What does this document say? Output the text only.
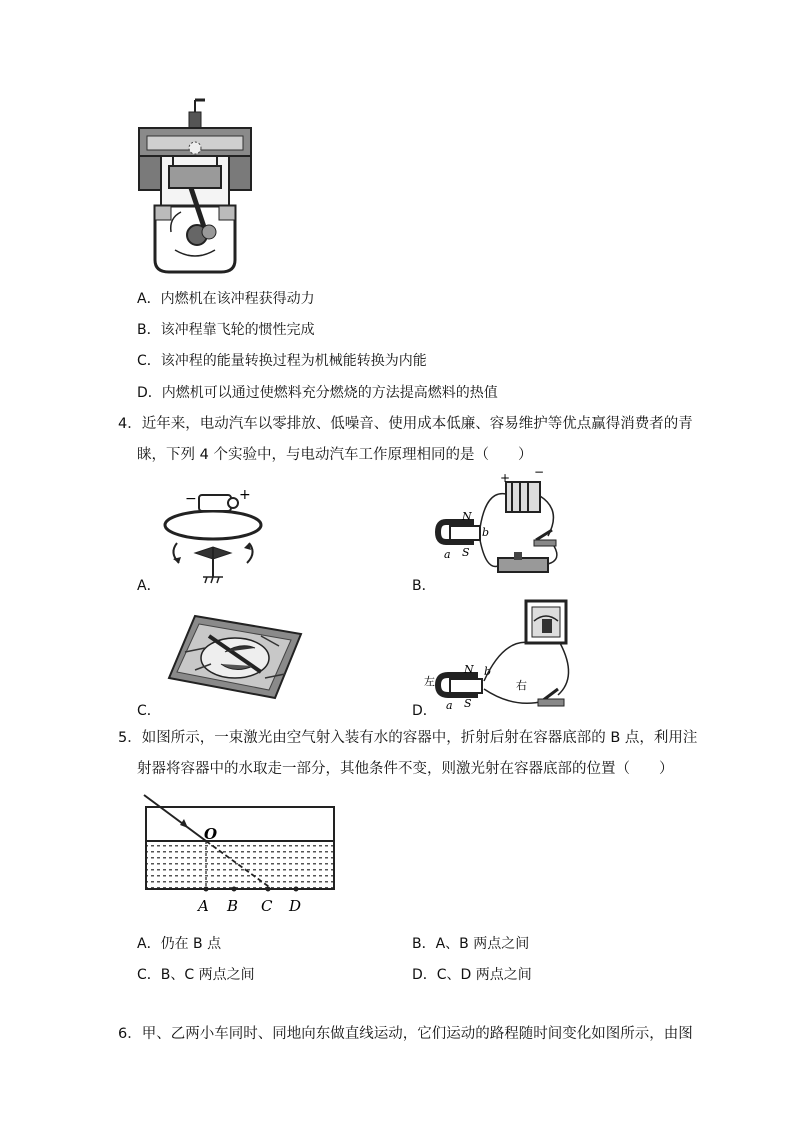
A．内燃机在该冲程获得动力
B．该冲程靠飞轮的惯性完成
C．该冲程的能量转换过程为机械能转换为内能
D．内燃机可以通过使燃料充分燃烧的方法提高燃料的热值
4．近年来，电动汽车以零排放、低噪音、使用成本低廉、容易维护等优点赢得消费者的青
睐，下列 4 个实验中，与电动汽车工作原理相同的是（　　）
−	+
A．
+ −
N
S
a
b
B．
C．
N
S
a
b
左	右
D．
5．如图所示，一束激光由空气射入装有水的容器中，折射后射在容器底部的 B 点，利用注
射器将容器中的水取走一部分，其他条件不变，则激光射在容器底部的位置（　　）
O
A B C D
A．仍在 B 点	B．A、B 两点之间
C．B、C 两点之间	D．C、D 两点之间
6．甲、乙两小车同时、同地向东做直线运动，它们运动的路程随时间变化如图所示，由图
